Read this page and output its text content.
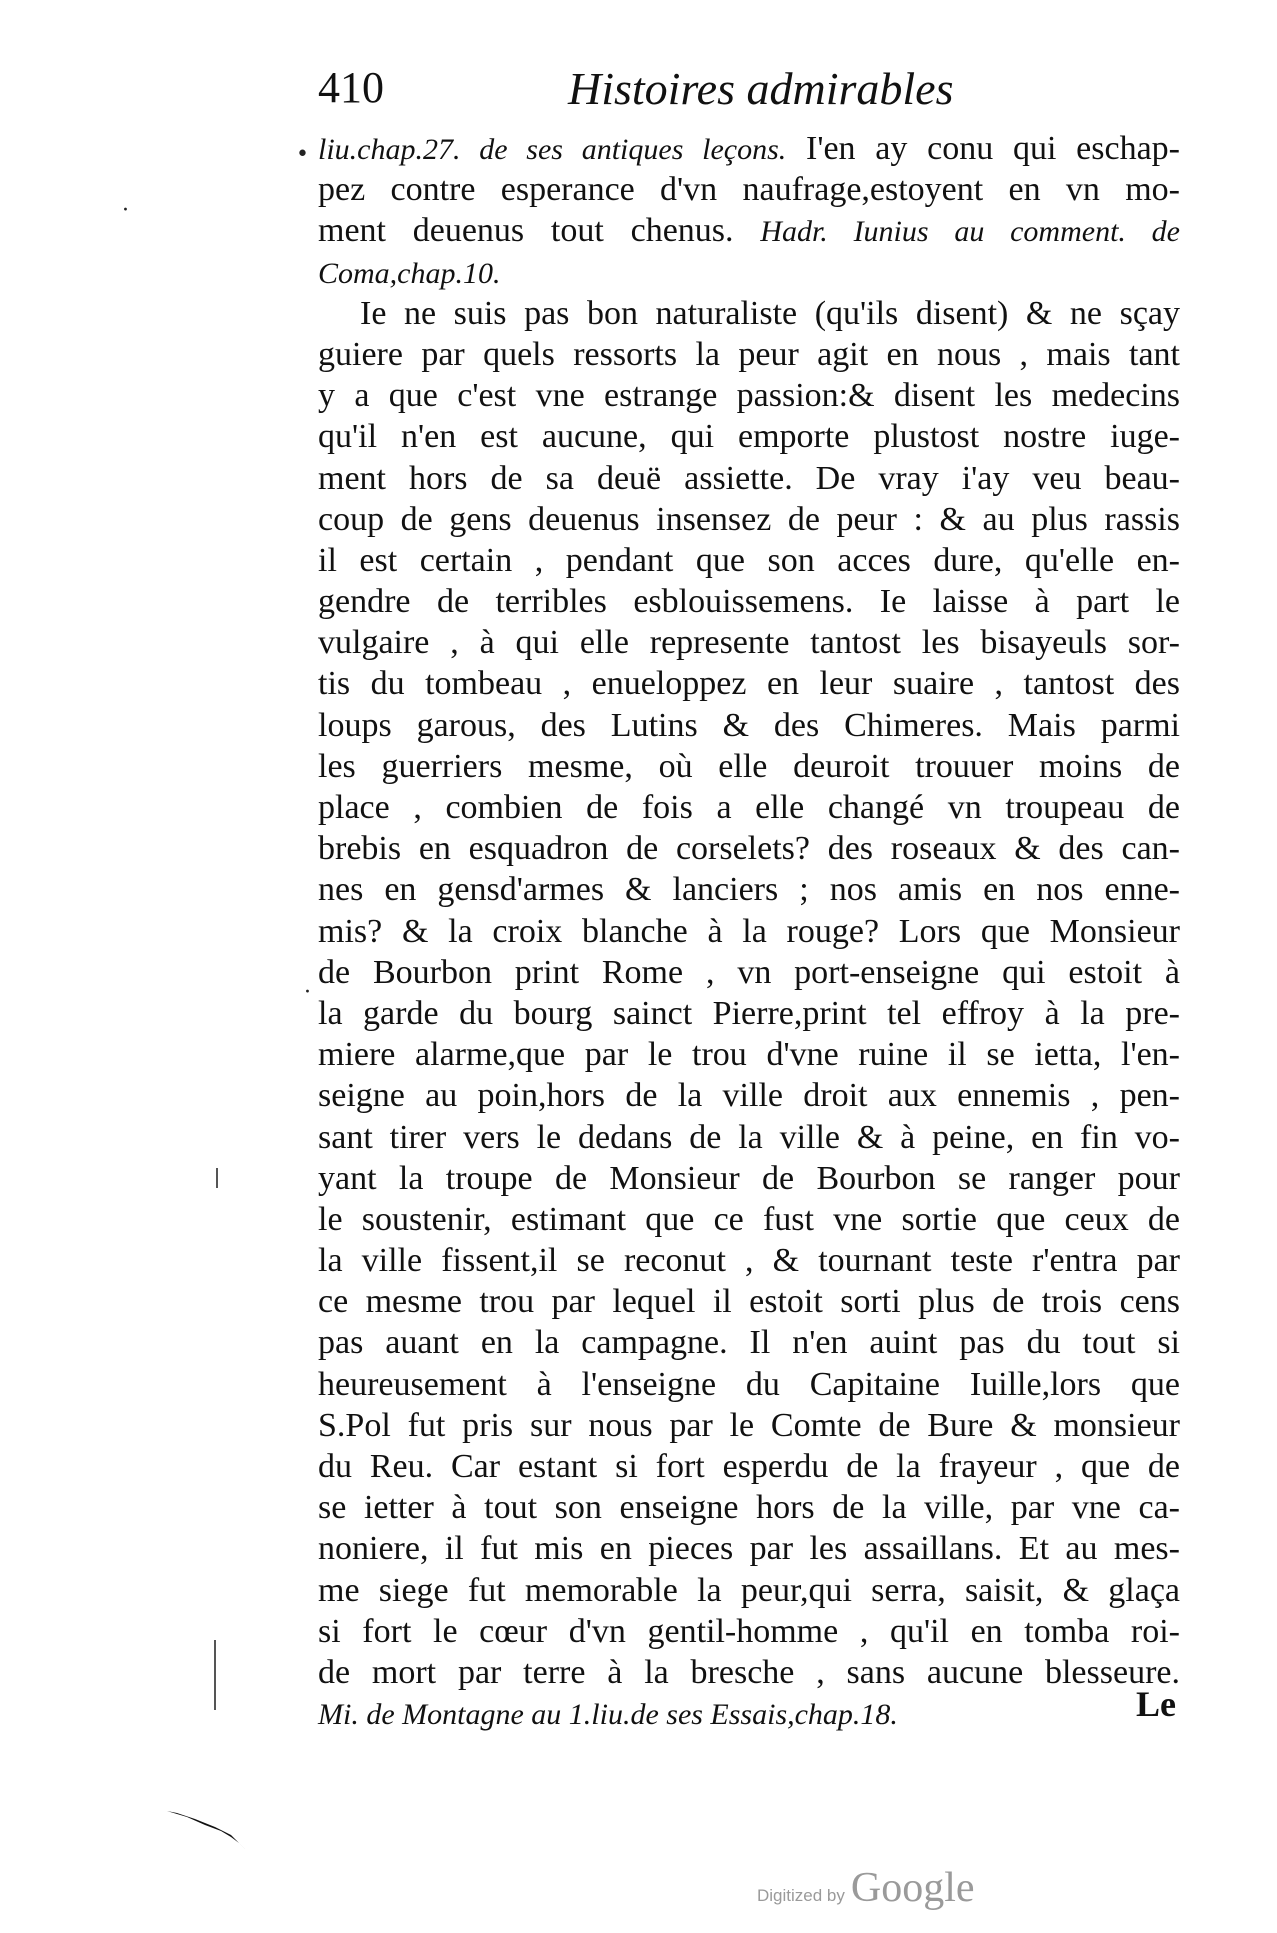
410	Histoires admirables
•
·
·
liu.chap.27. de ses antiques leçons. I'en ay conu qui eschap-
pez contre esperance d'vn naufrage,estoyent en vn mo-
ment deuenus tout chenus. Hadr. Iunius au comment. de
Coma,chap.10.
Ie ne suis pas bon naturaliste (qu'ils disent) & ne sçay
guiere par quels ressorts la peur agit en nous , mais tant
y a que c'est vne estrange passion:& disent les medecins
qu'il n'en est aucune, qui emporte plustost nostre iuge-
ment hors de sa deuë assiette. De vray i'ay veu beau-
coup de gens deuenus insensez de peur : & au plus rassis
il est certain , pendant que son acces dure, qu'elle en-
gendre de terribles esblouissemens. Ie laisse à part le
vulgaire , à qui elle represente tantost les bisayeuls sor-
tis du tombeau , enueloppez en leur suaire , tantost des
loups garous, des Lutins & des Chimeres. Mais parmi
les guerriers mesme, où elle deuroit trouuer moins de
place , combien de fois a elle changé vn troupeau de
brebis en esquadron de corselets? des roseaux & des can-
nes en gensd'armes & lanciers ; nos amis en nos enne-
mis? & la croix blanche à la rouge? Lors que Monsieur
de Bourbon print Rome , vn port-enseigne qui estoit à
la garde du bourg sainct Pierre,print tel effroy à la pre-
miere alarme,que par le trou d'vne ruine il se ietta, l'en-
seigne au poin,hors de la ville droit aux ennemis , pen-
sant tirer vers le dedans de la ville & à peine, en fin vo-
yant la troupe de Monsieur de Bourbon se ranger pour
le soustenir, estimant que ce fust vne sortie que ceux de
la ville fissent,il se reconut , & tournant teste r'entra par
ce mesme trou par lequel il estoit sorti plus de trois cens
pas auant en la campagne. Il n'en auint pas du tout si
heureusement à l'enseigne du Capitaine Iuille,lors que
S.Pol fut pris sur nous par le Comte de Bure & monsieur
du Reu. Car estant si fort esperdu de la frayeur , que de
se ietter à tout son enseigne hors de la ville, par vne ca-
noniere, il fut mis en pieces par les assaillans. Et au mes-
me siege fut memorable la peur,qui serra, saisit, & glaça
si fort le cœur d'vn gentil-homme , qu'il en tomba roi-
de mort par terre à la bresche , sans aucune blesseure.
Mi. de Montagne au 1.liu.de ses Essais,chap.18.	Le
Digitized by Google
